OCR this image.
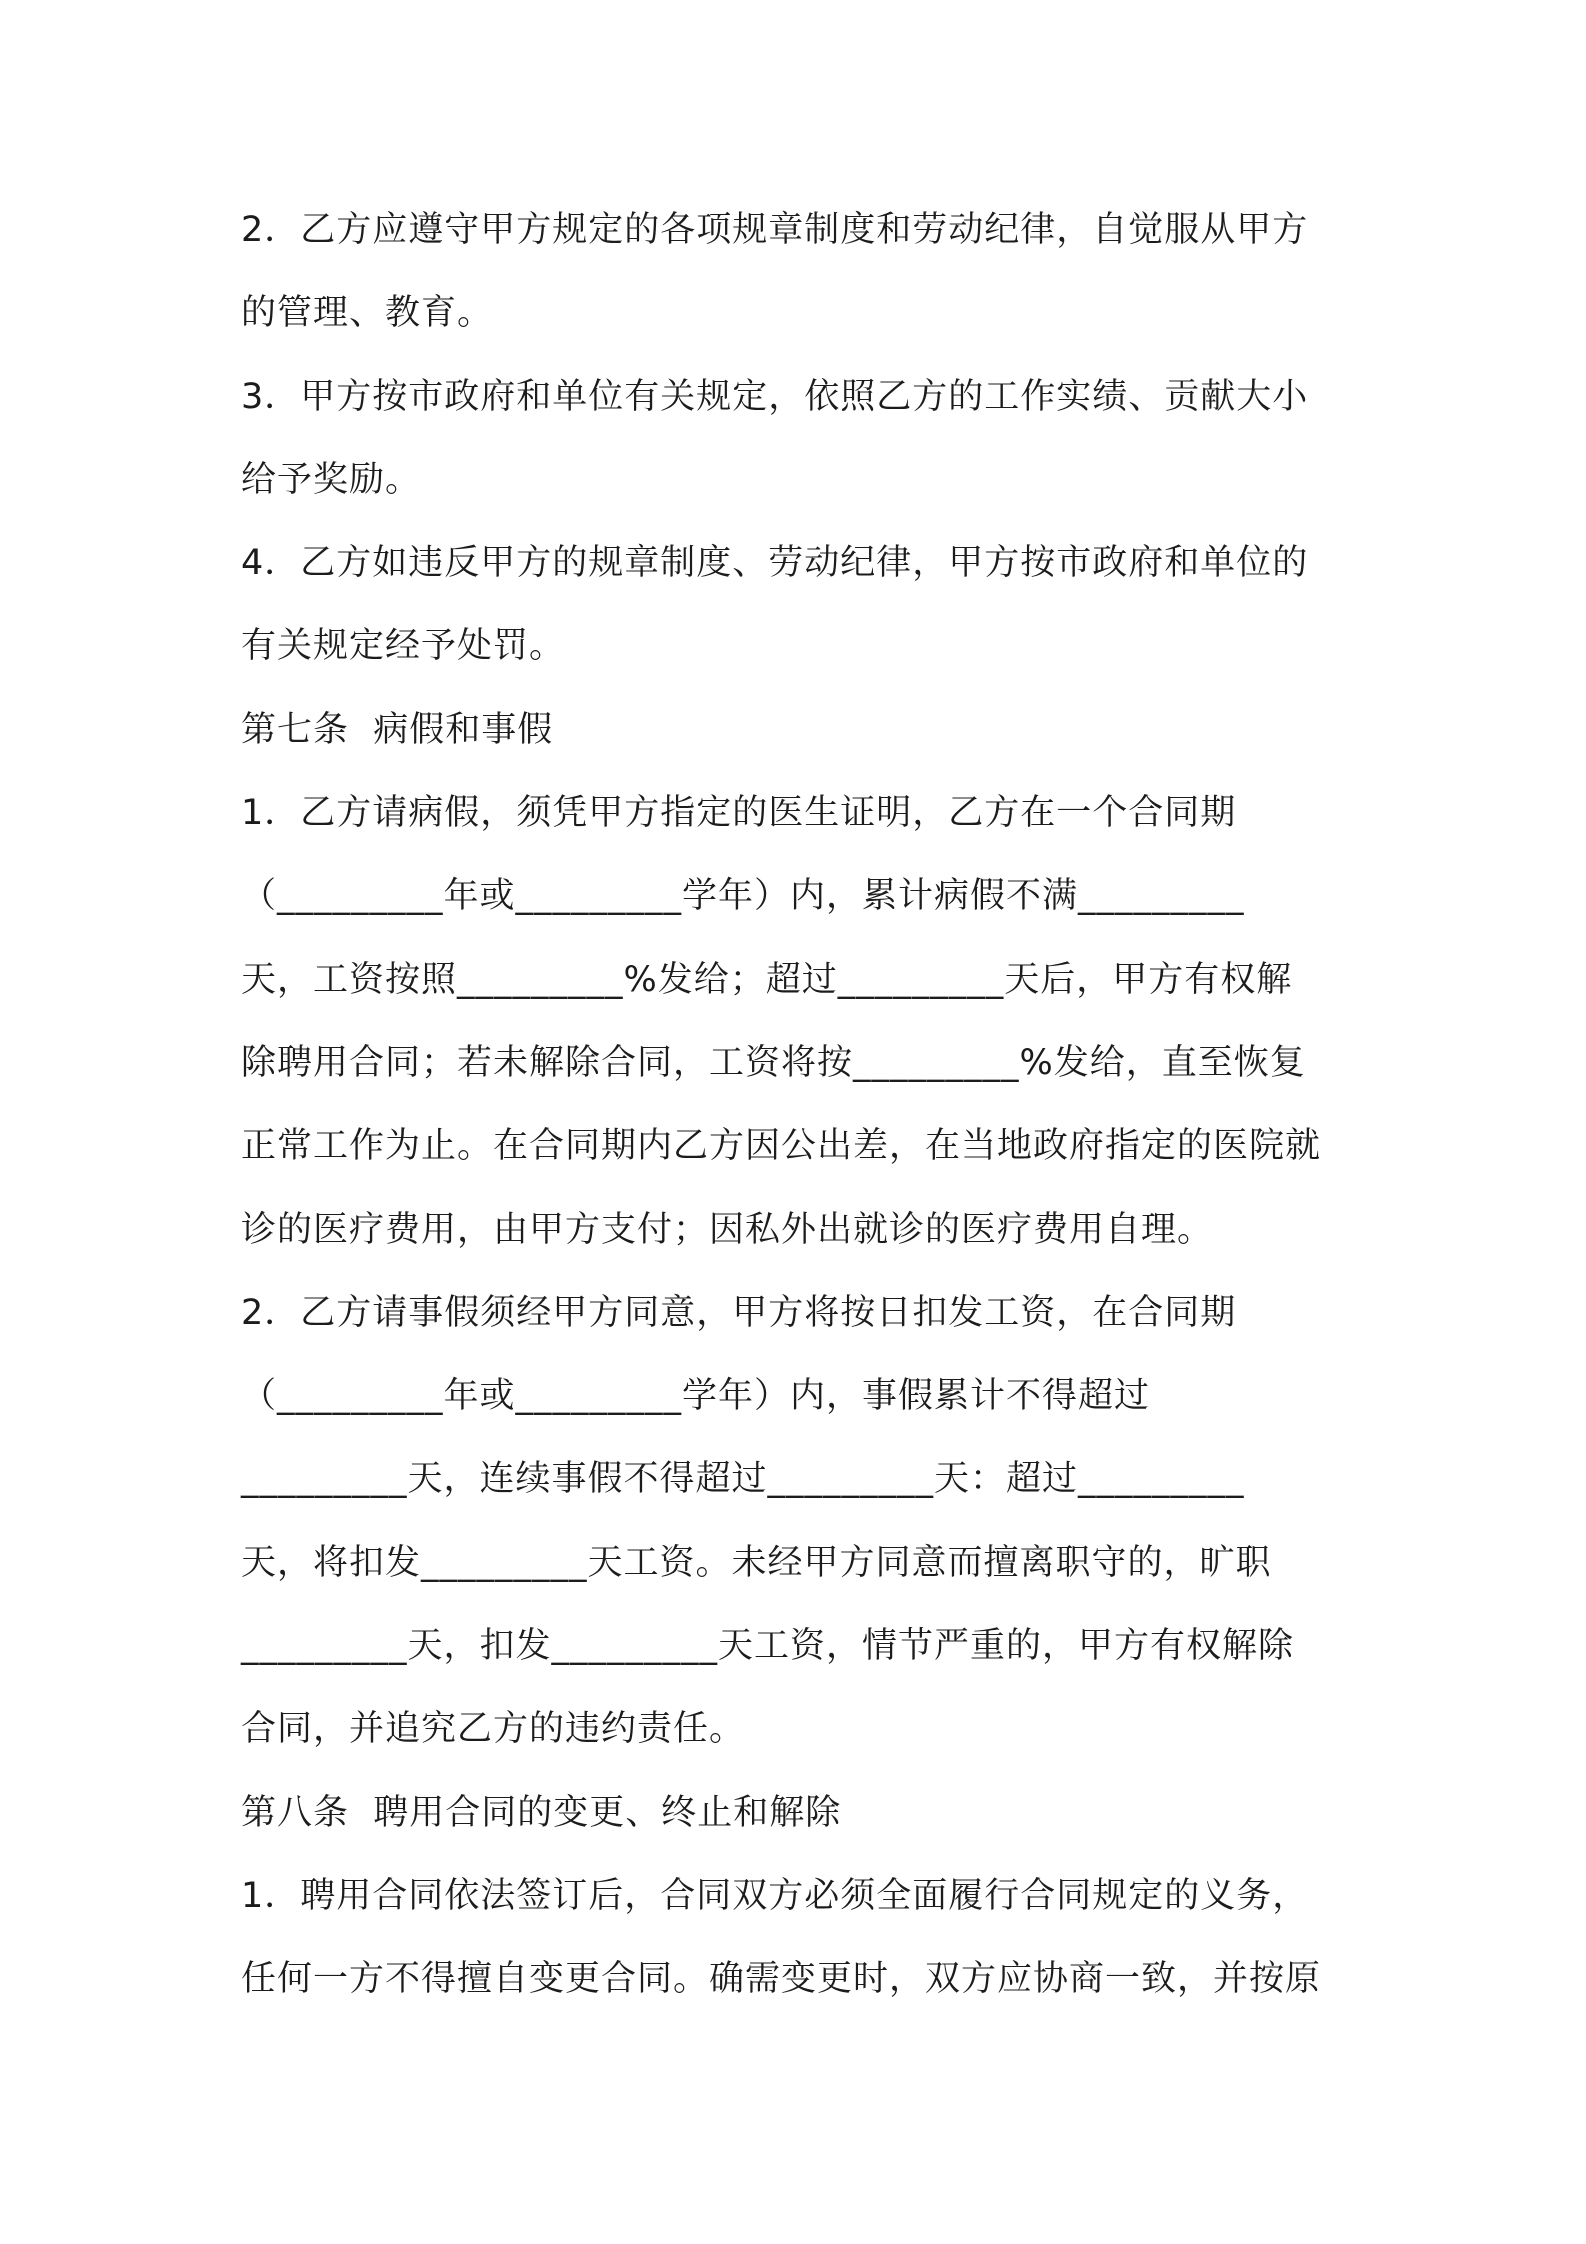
2．乙方应遵守甲方规定的各项规章制度和劳动纪律，自觉服从甲方
的管理、教育。
3．甲方按市政府和单位有关规定，依照乙方的工作实绩、贡献大小
给予奖励。
4．乙方如违反甲方的规章制度、劳动纪律，甲方按市政府和单位的
有关规定经予处罚。
第七条  病假和事假
1．乙方请病假，须凭甲方指定的医生证明，乙方在一个合同期
（_________年或_________学年）内，累计病假不满_________
天，工资按照_________%发给；超过_________天后，甲方有权解
除聘用合同；若未解除合同，工资将按_________%发给，直至恢复
正常工作为止。在合同期内乙方因公出差，在当地政府指定的医院就
诊的医疗费用，由甲方支付；因私外出就诊的医疗费用自理。
2．乙方请事假须经甲方同意，甲方将按日扣发工资，在合同期
（_________年或_________学年）内，事假累计不得超过
_________天，连续事假不得超过_________天：超过_________
天，将扣发_________天工资。未经甲方同意而擅离职守的，旷职
_________天，扣发_________天工资，情节严重的，甲方有权解除
合同，并追究乙方的违约责任。
第八条  聘用合同的变更、终止和解除
1．聘用合同依法签订后，合同双方必须全面履行合同规定的义务，
任何一方不得擅自变更合同。确需变更时，双方应协商一致，并按原
